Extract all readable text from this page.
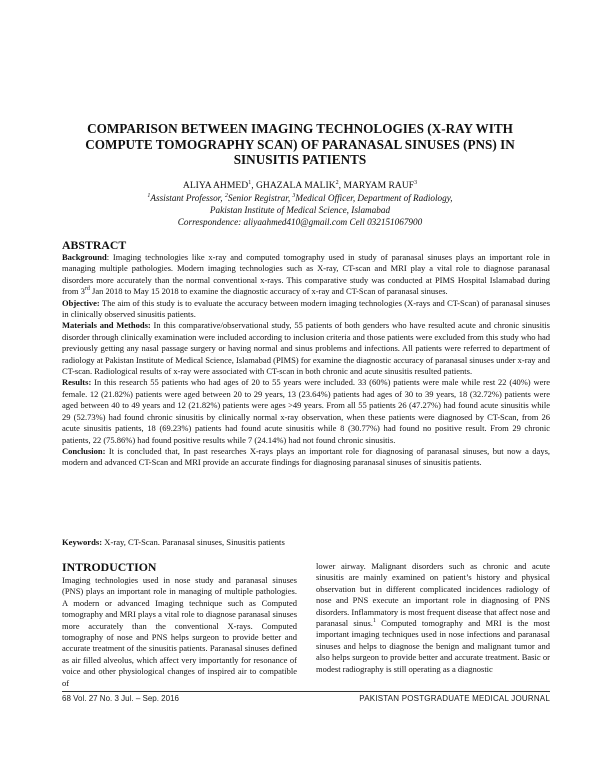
COMPARISON BETWEEN IMAGING TECHNOLOGIES (X-RAY WITH COMPUTE TOMOGRAPHY SCAN) OF PARANASAL SINUSES (PNS) IN SINUSITIS PATIENTS
ALIYA AHMED$^1$, GHAZALA MALIK$^2$, MARYAM RAUF$^3$
$^1$Assistant Professor, $^2$Senior Registrar, $^3$Medical Officer, Department of Radiology,
Pakistan Institute of Medical Science, Islamabad
Correspondence: aliyaahmed410@gmail.com Cell 032151067900
ABSTRACT

Background: Imaging technologies like x-ray and computed tomography used in study of paranasal sinuses plays an important role in managing multiple pathologies. Modern imaging technologies such as X-ray, CT-scan and MRI play a vital role to diagnose paranasal disorders more accurately than the normal conventional x-rays. This comparative study was conducted at PIMS Hospital Islamabad during from 3rd Jan 2018 to May 15 2018 to examine the diagnostic accuracy of x-ray and CT-Scan of paranasal sinuses.

Objective: The aim of this study is to evaluate the accuracy between modern imaging technologies (X-rays and CT-Scan) of paranasal sinuses in clinically observed sinusitis patients.

Materials and Methods: In this comparative/observational study, 55 patients of both genders who have resulted acute and chronic sinusitis disorder through clinically examination were included according to inclusion criteria and those patients were excluded from this study who had previously getting any nasal passage surgery or having normal and sinus problems and infections. All patients were referred to department of radiology at Pakistan Institute of Medical Science, Islamabad (PIMS) for examine the diagnostic accuracy of paranasal sinuses under x-ray and CT-scan. Radiological results of x-ray were associated with CT-scan in both chronic and acute sinusitis resulted patients.

Results: In this research 55 patients who had ages of 20 to 55 years were included. 33 (60%) patients were male while rest 22 (40%) were female. 12 (21.82%) patients were aged between 20 to 29 years, 13 (23.64%) patients had ages of 30 to 39 years, 18 (32.72%) patients were aged between 40 to 49 years and 12 (21.82%) patients were ages >49 years. From all 55 patients 26 (47.27%) had found acute sinusitis while 29 (52.73%) had found chronic sinusitis by clinically normal x-ray observation, when these patients were diagnosed by CT-Scan, from 26 acute sinusitis patients, 18 (69.23%) patients had found acute sinusitis while 8 (30.77%) had found no positive result. From 29 chronic patients, 22 (75.86%) had found positive results while 7 (24.14%) had not found chronic sinusitis.

Conclusion: It is concluded that, In past researches X-rays plays an important role for diagnosing of paranasal sinuses, but now a days, modern and advanced CT-Scan and MRI provide an accurate findings for diagnosing paranasal sinuses of sinusitis patients.

Keywords: X-ray, CT-Scan. Paranasal sinuses, Sinusitis patients
INTRODUCTION

Imaging technologies used in nose study and paranasal sinuses (PNS) plays an important role in managing of multiple pathologies. A modern or advanced Imaging technique such as Computed tomography and MRI plays a vital role to diagnose paranasal sinuses more accurately than the conventional X-rays. Computed tomography of nose and PNS helps surgeon to provide better and accurate treatment of the sinusitis patients. Paranasal sinuses defined as air filled alveolus, which affect very importantly for resonance of voice and other physiological changes of inspired air to compatible of

lower airway. Malignant disorders such as chronic and acute sinusitis are mainly examined on patient’s history and physical observation but in different complicated incidences radiology of nose and PNS execute an important role in diagnosing of PNS disorders. Inflammatory is most frequent disease that affect nose and paranasal sinus.$^1$ Computed tomography and MRI is the most important imaging techniques used in nose infections and paranasal sinuses and helps to diagnose the benign and malignant tumor and also helps surgeon to provide better and accurate treatment. Basic or modest radiography is still operating as a diagnostic

68 Vol. 27 No. 3 Jul. – Sep. 2016	PAKISTAN POSTGRADUATE MEDICAL JOURNAL
